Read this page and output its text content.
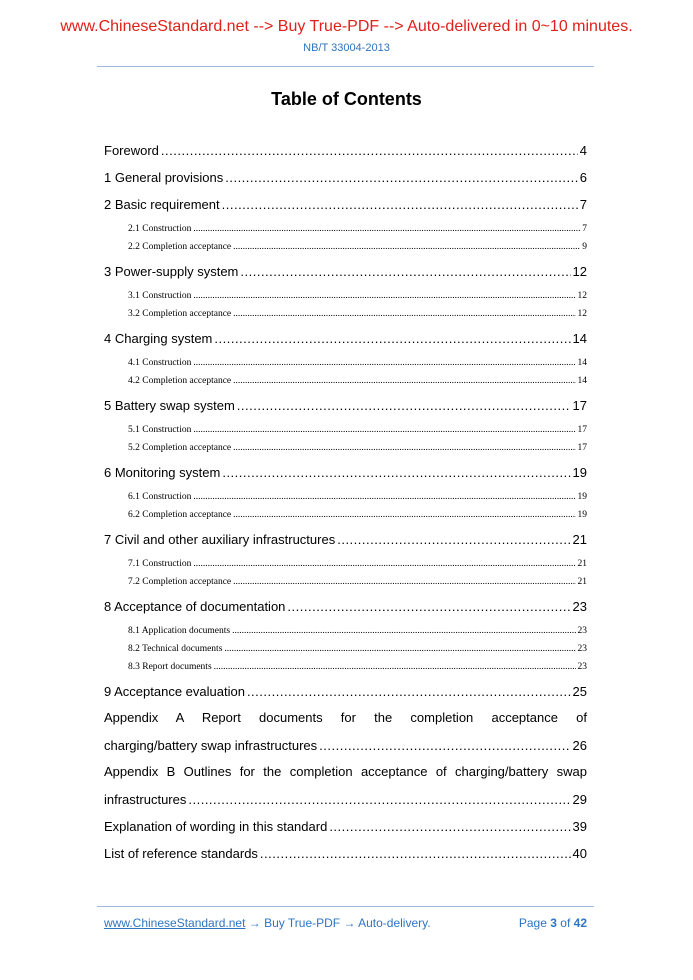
www.ChineseStandard.net --> Buy True-PDF --> Auto-delivered in 0~10 minutes.
NB/T 33004-2013
Table of Contents
Foreword .....	4
1 General provisions .....	6
2 Basic requirement .....	7
2.1 Construction .....	7
2.2 Completion acceptance .....	9
3 Power-supply system .....	12
3.1 Construction .....	12
3.2 Completion acceptance .....	12
4 Charging system .....	14
4.1 Construction .....	14
4.2 Completion acceptance .....	14
5 Battery swap system .....	17
5.1 Construction .....	17
5.2 Completion acceptance .....	17
6 Monitoring system .....	19
6.1 Construction .....	19
6.2 Completion acceptance .....	19
7 Civil and other auxiliary infrastructures .....	21
7.1 Construction .....	21
7.2 Completion acceptance .....	21
8 Acceptance of documentation .....	23
8.1 Application documents .....	23
8.2 Technical documents .....	23
8.3 Report documents .....	23
9 Acceptance evaluation .....	25
Appendix A Report documents for the completion acceptance of
charging/battery swap infrastructures .....	26
Appendix B Outlines for the completion acceptance of charging/battery swap
infrastructures .....	29
Explanation of wording in this standard .....	39
List of reference standards .....	40
www.ChineseStandard.net → Buy True-PDF → Auto-delivery.	Page 3 of 42
